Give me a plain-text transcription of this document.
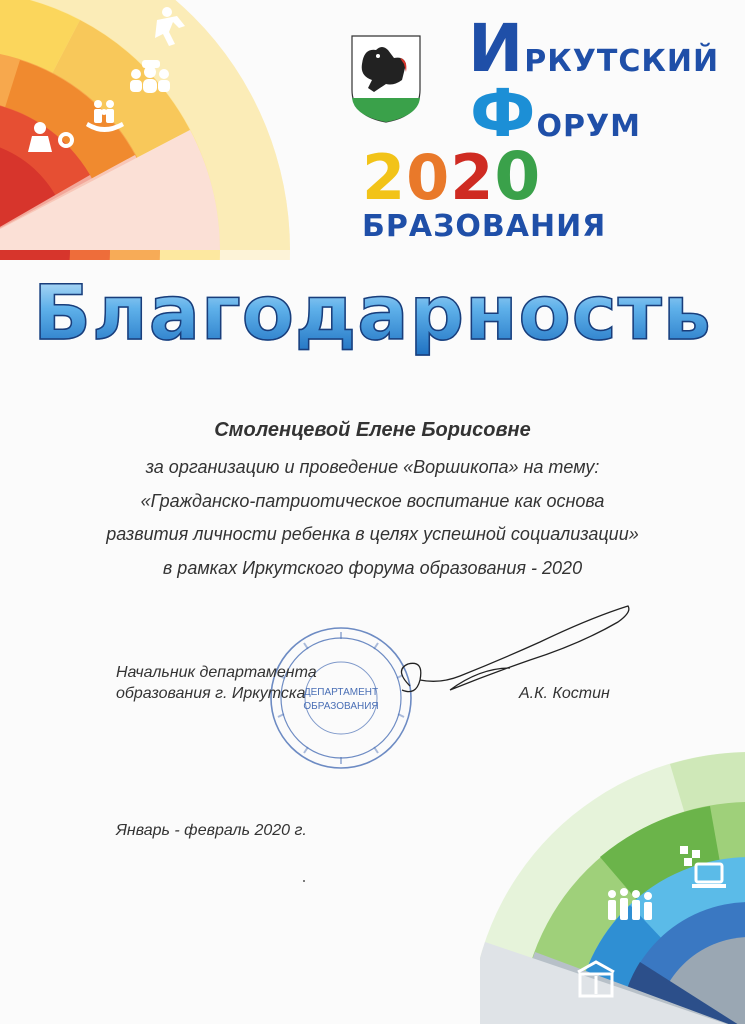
ИРКУТСКИЙ
ФОРУМ
2020БРАЗОВАНИЯ
Благодарность
Смоленцевой Елене Борисовне
за организацию и проведение «Воршикопа» на тему:
«Гражданско-патриотическое воспитание как основа
развития личности ребенка в целях успешной социализации»
в рамках Иркутского форума образования - 2020
ДЕПАРТАМЕНТ
ОБРАЗОВАНИЯ
Начальник департамента
образования г. Иркутска	А.К. Костин
Январь - февраль 2020 г.
